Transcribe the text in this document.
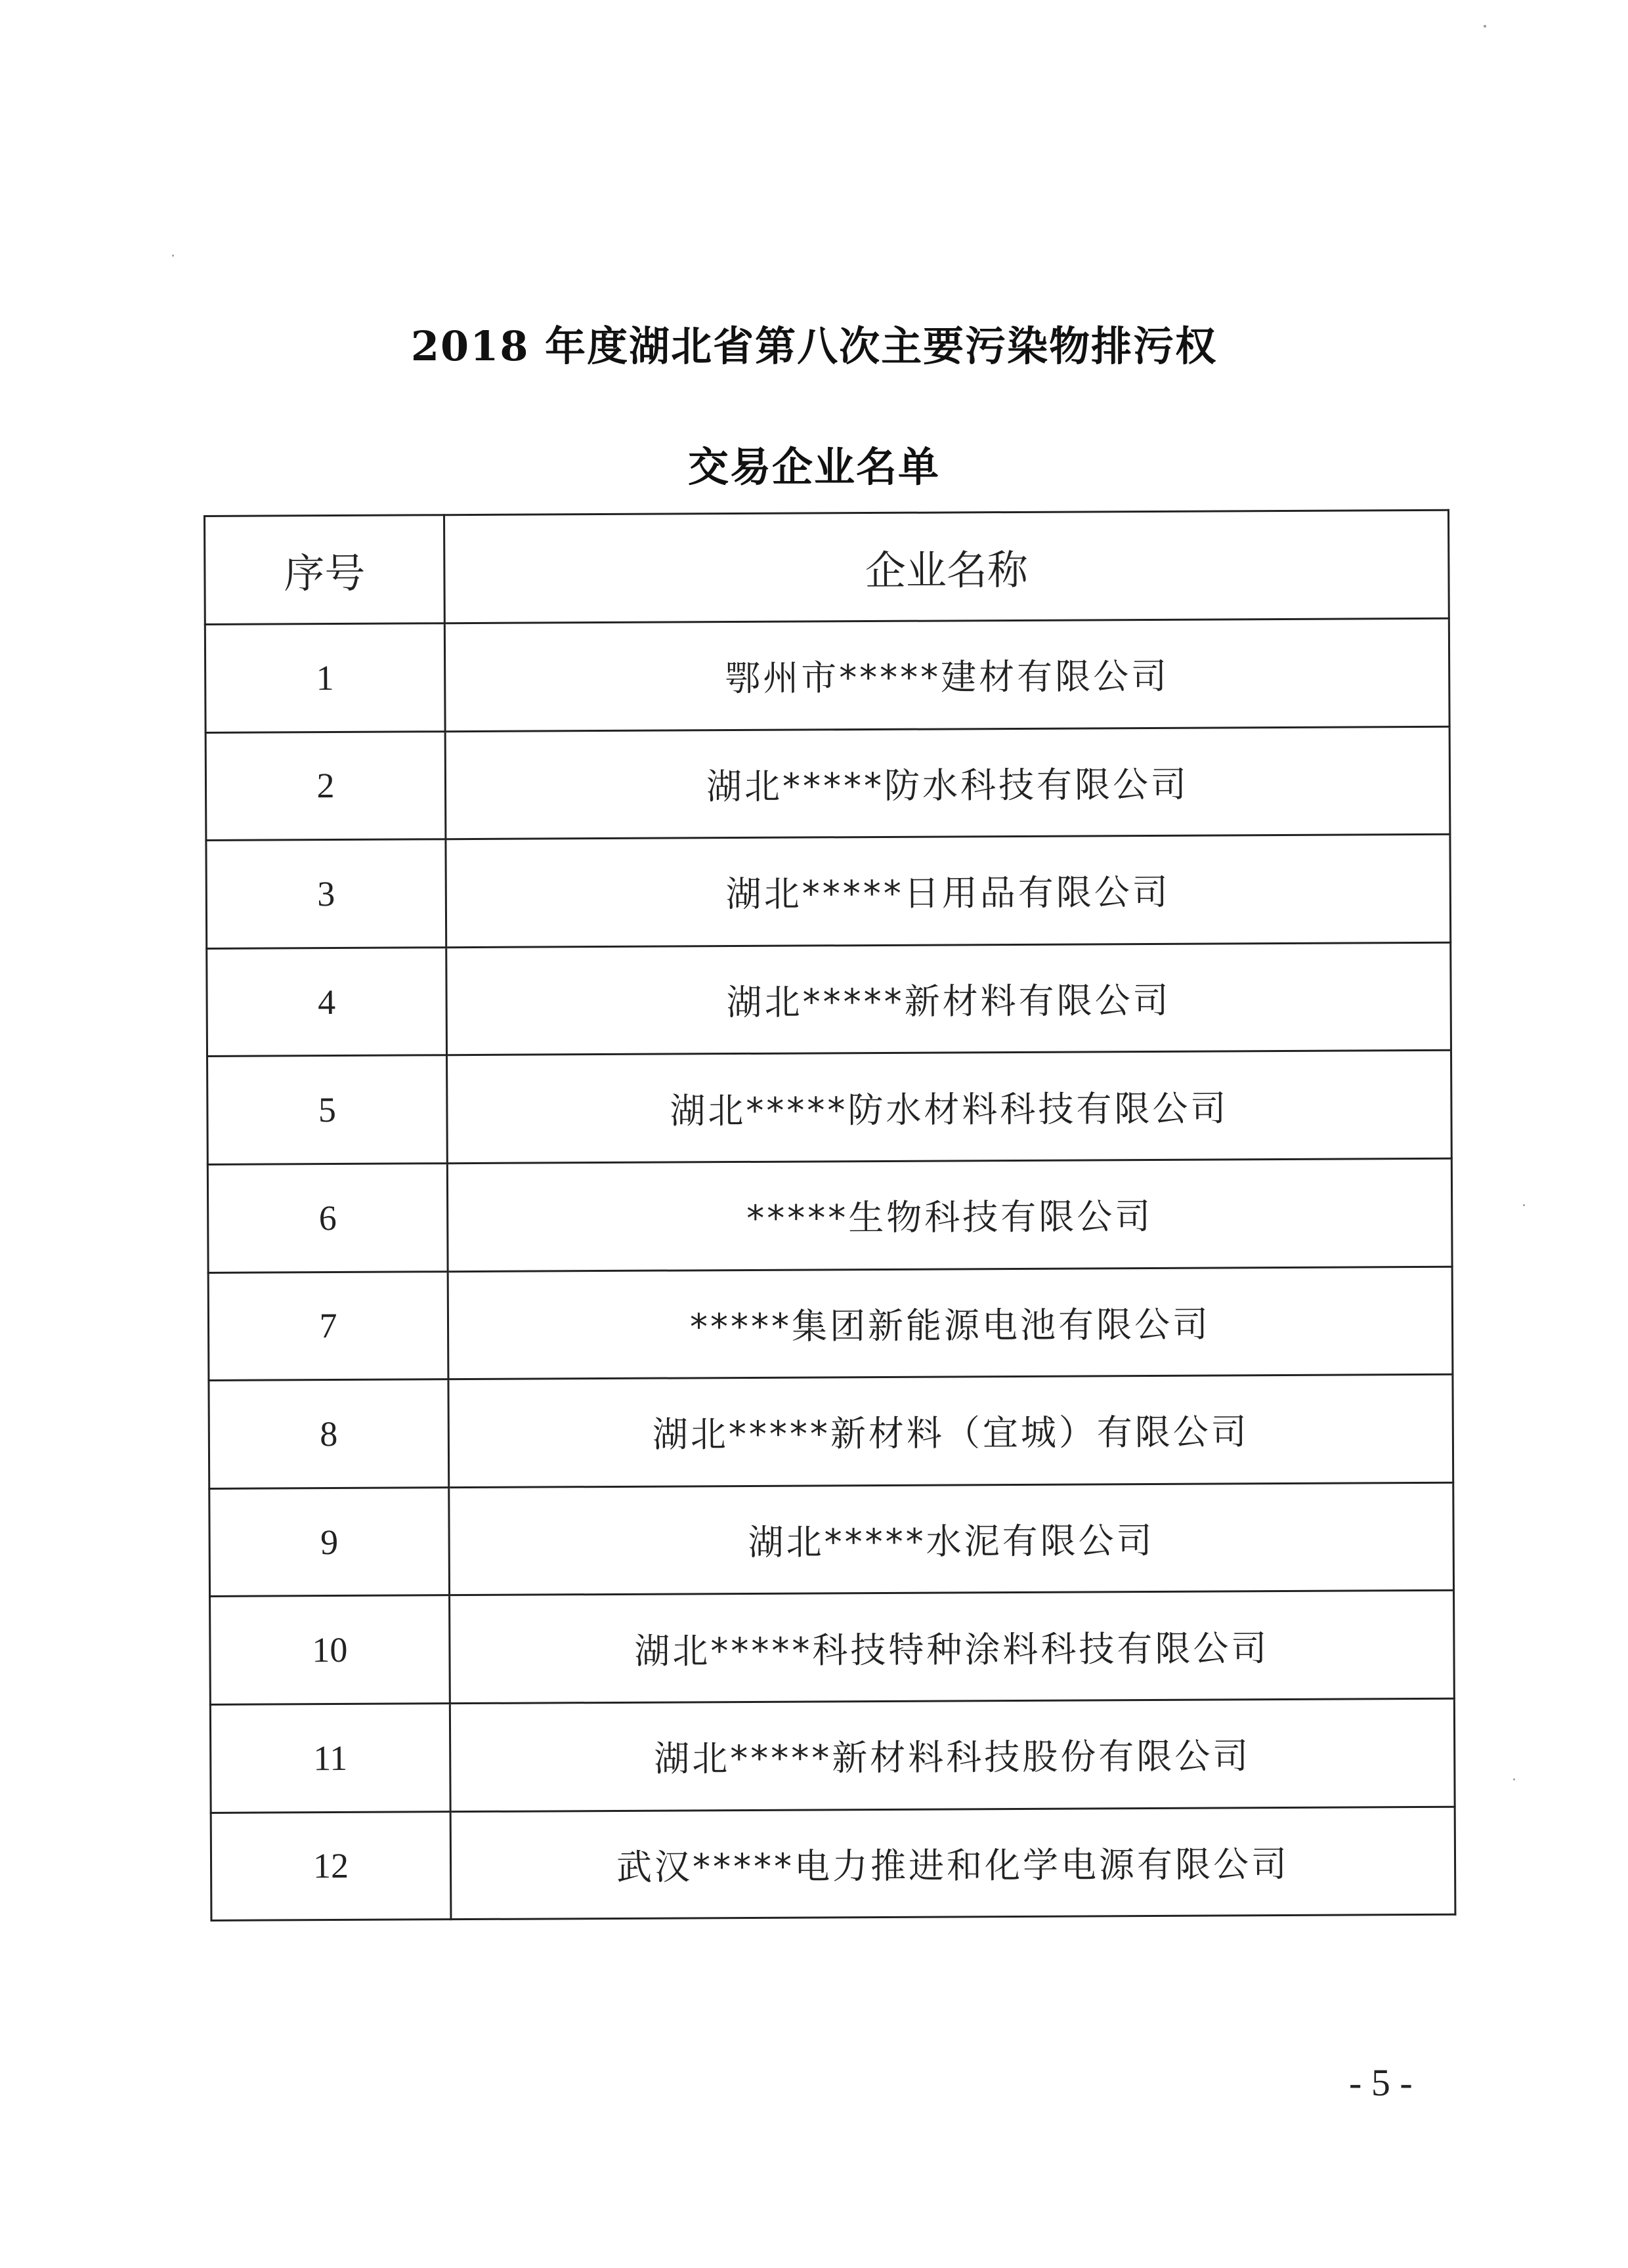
2018 年度湖北省第八次主要污染物排污权
交易企业名单
序号	企业名称
1	鄂州市*****建材有限公司
2	湖北*****防水科技有限公司
3	湖北*****日用品有限公司
4	湖北*****新材料有限公司
5	湖北*****防水材料科技有限公司
6	*****生物科技有限公司
7	*****集团新能源电池有限公司
8	湖北*****新材料（宜城）有限公司
9	湖北*****水泥有限公司
10	湖北*****科技特种涂料科技有限公司
11	湖北*****新材料科技股份有限公司
12	武汉*****电力推进和化学电源有限公司
- 5 -
